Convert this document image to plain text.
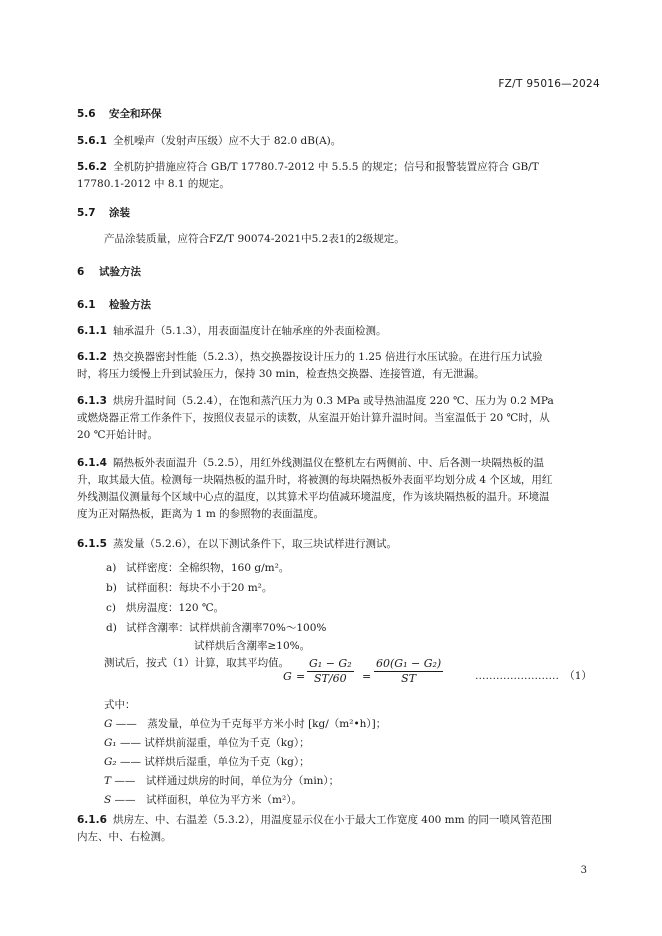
FZ/T 95016—2024
5.6 安全和环保
5.6.1 全机噪声（发射声压级）应不大于 82.0 dB(A)。
5.6.2 全机防护措施应符合 GB/T 17780.7-2012 中 5.5.5 的规定；信号和报警装置应符合 GB/T
17780.1-2012 中 8.1 的规定。
5.7 涂装
产品涂装质量，应符合FZ/T 90074-2021中5.2表1的2级规定。
6 试验方法
6.1 检验方法
6.1.1 轴承温升（5.1.3），用表面温度计在轴承座的外表面检测。
6.1.2 热交换器密封性能（5.2.3），热交换器按设计压力的 1.25 倍进行水压试验。在进行压力试验
时，将压力缓慢上升到试验压力，保持 30 min，检查热交换器、连接管道，有无泄漏。
6.1.3 烘房升温时间（5.2.4），在饱和蒸汽压力为 0.3 MPa 或导热油温度 220 ℃、压力为 0.2 MPa
或燃烧器正常工作条件下，按照仪表显示的读数，从室温开始计算升温时间。当室温低于 20 ℃时，从
20 ℃开始计时。
6.1.4 隔热板外表面温升（5.2.5），用红外线测温仪在整机左右两侧前、中、后各测一块隔热板的温
升，取其最大值。检测每一块隔热板的温升时，将被测的每块隔热板外表面平均划分成 4 个区域，用红
外线测温仪测量每个区域中心点的温度，以其算术平均值减环境温度，作为该块隔热板的温升。环境温
度为正对隔热板，距离为 1 m 的参照物的表面温度。
6.1.5 蒸发量（5.2.6），在以下测试条件下，取三块试样进行测试。
a) 试样密度：全棉织物，160 g/m²。
b) 试样面积：每块不小于20 m²。
c) 烘房温度：120 ℃。
d) 试样含潮率：试样烘前含潮率70%～100%
试样烘后含潮率≥10%。
测试后，按式（1）计算，取其平均值。
$G = \frac{\text{G₁ − G₂}}{ST/60} = \frac{\text{60(G₁ − G₂)}}{ST}$	……………………　（1）
式中：
G ——　蒸发量，单位为千克每平方米小时 [kg/（m²•h）]；
G₁ —— 试样烘前湿重，单位为千克（kg）；
G₂ —— 试样烘后湿重，单位为千克（kg）；
T ——　试样通过烘房的时间，单位为分（min）；
S ——　试样面积，单位为平方米（m²）。
6.1.6 烘房左、中、右温差（5.3.2），用温度显示仪在小于最大工作宽度 400 mm 的同一喷风管范围
内左、中、右检测。
3
